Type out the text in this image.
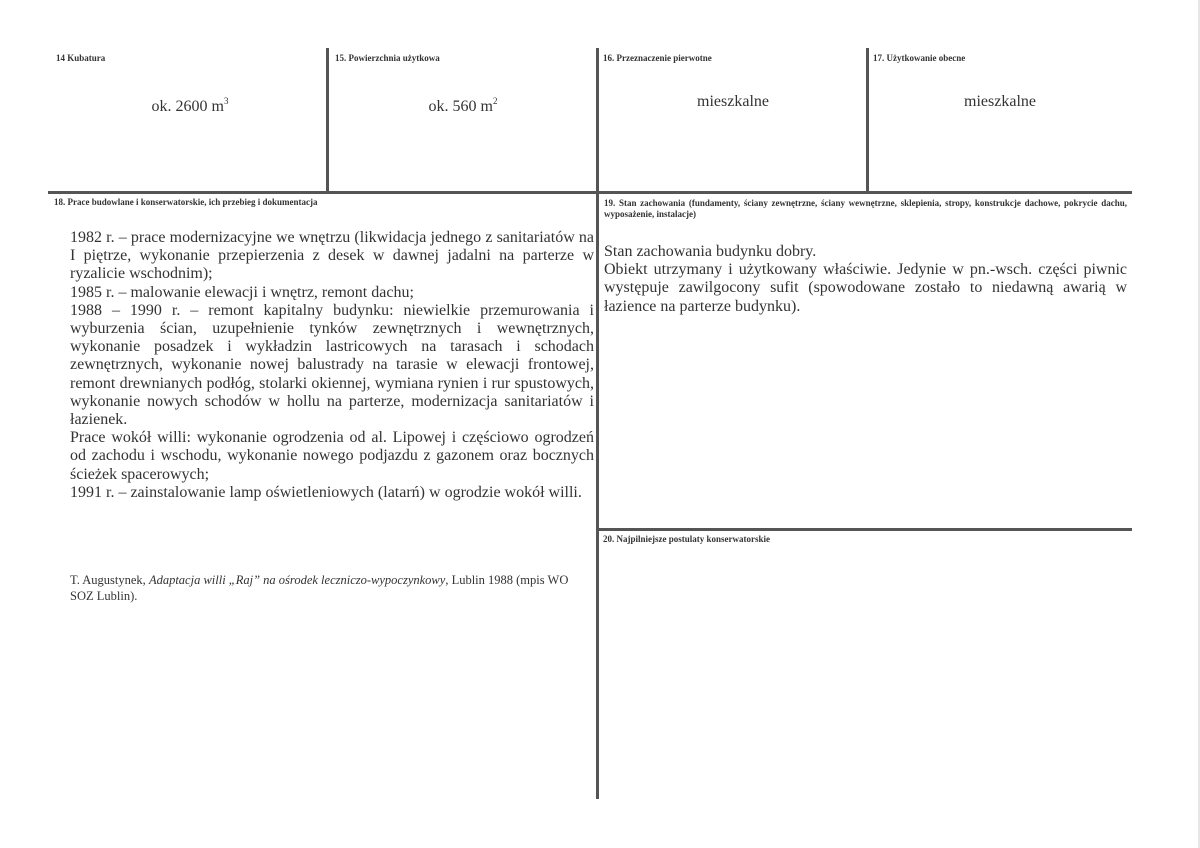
14 Kubatura
ok. 2600 $m^3$
15. Powierzchnia użytkowa
ok. 560 $m^2$
16. Przeznaczenie pierwotne
mieszkalne
17. Użytkowanie obecne
mieszkalne
18. Prace budowlane i konserwatorskie, ich przebieg i dokumentacja

1982 r. – prace modernizacyjne we wnętrzu (likwidacja jednego z sanitariatów na I piętrze, wykonanie przepierzenia z desek w dawnej jadalni na parterze w ryzalicie wschodnim);

1985 r. – malowanie elewacji i wnętrz, remont dachu;

1988 – 1990 r. – remont kapitalny budynku: niewielkie przemurowania i wyburzenia ścian, uzupełnienie tynków zewnętrznych i wewnętrznych, wykonanie posadzek i wykładzin lastricowych na tarasach i schodach zewnętrznych, wykonanie nowej balustrady na tarasie w elewacji frontowej, remont drewnianych podłóg, stolarki okiennej, wymiana rynien i rur spustowych, wykonanie nowych schodów w hollu na parterze, modernizacja sanitariatów i łazienek.

Prace wokół willi: wykonanie ogrodzenia od al. Lipowej i częściowo ogrodzeń od zachodu i wschodu, wykonanie nowego podjazdu z gazonem oraz bocznych ścieżek spacerowych;

1991 r. – zainstalowanie lamp oświetleniowych (latarń) w ogrodzie wokół willi.

T. Augustynek, Adaptacja willi „Raj” na ośrodek leczniczo-wypoczynkowy, Lublin 1988 (mpis WO SOZ Lublin).
19. Stan zachowania (fundamenty, ściany zewnętrzne, ściany wewnętrzne, sklepienia, stropy, konstrukcje dachowe, pokrycie dachu, wyposażenie, instalacje)

Stan zachowania budynku dobry.

Obiekt utrzymany i użytkowany właściwie. Jedynie w pn.-wsch. części piwnic występuje zawilgocony sufit (spowodowane zostało to niedawną awarią w łazience na parterze budynku).

20. Najpilniejsze postulaty konserwatorskie
